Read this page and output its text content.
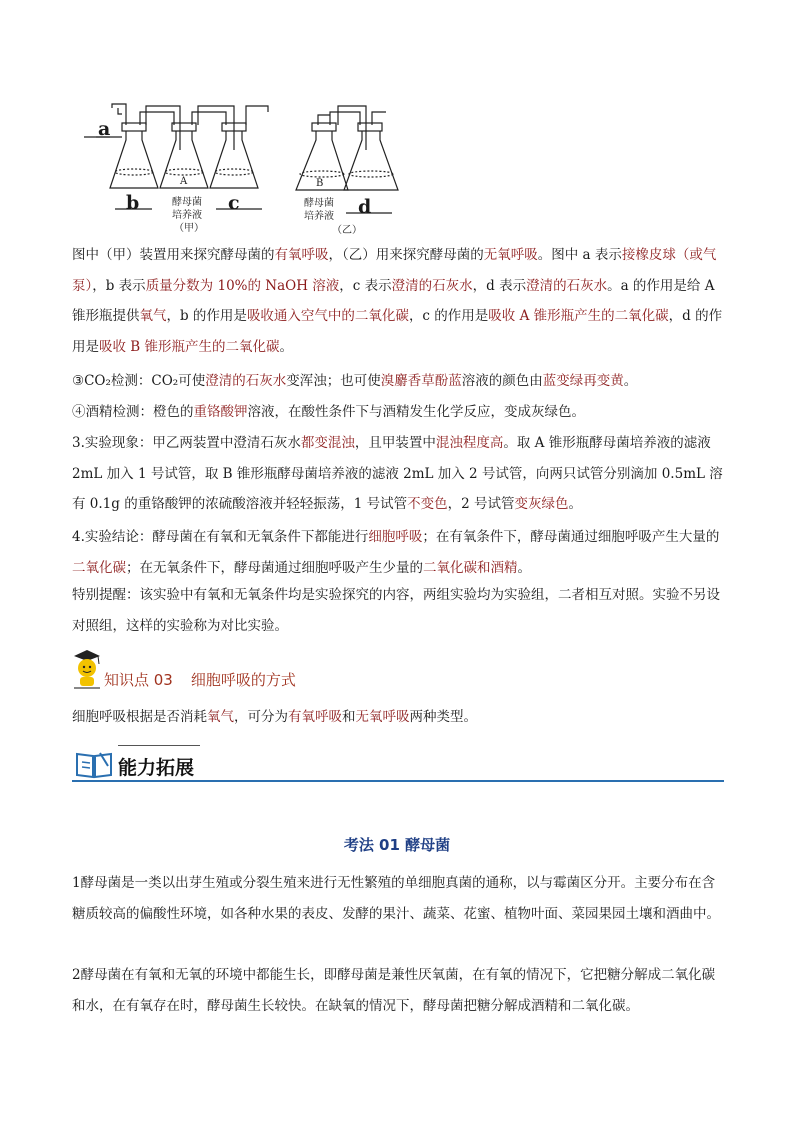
a
b	c	d
A	B
酵母菌
培养液
（甲）
酵母菌
培养液
（乙）

图中（甲）装置用来探究酵母菌的有氧呼吸，（乙）用来探究酵母菌的无氧呼吸。图中 a 表示接橡皮球（或气泵），b 表示质量分数为 10%的 NaOH 溶液，c 表示澄清的石灰水，d 表示澄清的石灰水。a 的作用是给 A 锥形瓶提供氧气，b 的作用是吸收通入空气中的二氧化碳，c 的作用是吸收 A 锥形瓶产生的二氧化碳，d 的作用是吸收 B 锥形瓶产生的二氧化碳。

③CO₂检测：CO₂可使澄清的石灰水变浑浊；也可使溴麝香草酚蓝溶液的颜色由蓝变绿再变黄。

④酒精检测：橙色的重铬酸钾溶液，在酸性条件下与酒精发生化学反应，变成灰绿色。

3.实验现象：甲乙两装置中澄清石灰水都变混浊，且甲装置中混浊程度高。取 A 锥形瓶酵母菌培养液的滤液 2mL 加入 1 号试管，取 B 锥形瓶酵母菌培养液的滤液 2mL 加入 2 号试管，向两只试管分别滴加 0.5mL 溶有 0.1g 的重铬酸钾的浓硫酸溶液并轻轻振荡，1 号试管不变色，2 号试管变灰绿色。

4.实验结论：酵母菌在有氧和无氧条件下都能进行细胞呼吸；在有氧条件下，酵母菌通过细胞呼吸产生大量的二氧化碳；在无氧条件下，酵母菌通过细胞呼吸产生少量的二氧化碳和酒精。

特别提醒：该实验中有氧和无氧条件均是实验探究的内容，两组实验均为实验组，二者相互对照。实验不另设对照组，这样的实验称为对比实验。

知识点 03 细胞呼吸的方式

细胞呼吸根据是否消耗氧气，可分为有氧呼吸和无氧呼吸两种类型。

能力拓展
考法 01 酵母菌

1酵母菌是一类以出芽生殖或分裂生殖来进行无性繁殖的单细胞真菌的通称，以与霉菌区分开。主要分布在含糖质较高的偏酸性环境，如各种水果的表皮、发酵的果汁、蔬菜、花蜜、植物叶面、菜园果园土壤和酒曲中。

2酵母菌在有氧和无氧的环境中都能生长，即酵母菌是兼性厌氧菌，在有氧的情况下，它把糖分解成二氧化碳和水，在有氧存在时，酵母菌生长较快。在缺氧的情况下，酵母菌把糖分解成酒精和二氧化碳。
